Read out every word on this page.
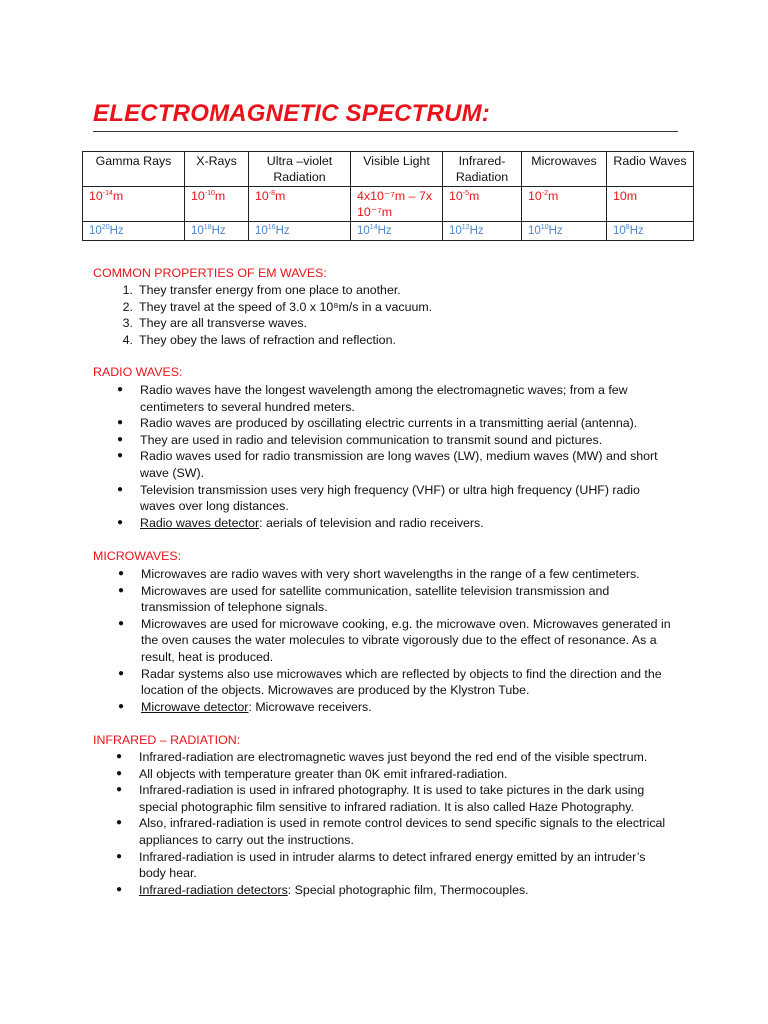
ELECTROMAGNETIC SPECTRUM:
Gamma Rays	X-Rays	Ultra –violet Radiation	Visible Light	Infrared-Radiation	Microwaves	Radio Waves
$10^{-14}m$	$10^{-10}m$	$10^{-8}m$	4x10⁻⁷m – 7x 10⁻⁷m	$10^{-5}m$	$10^{-2}m$	10m
$10^{20}Hz$	$10^{18}Hz$	$10^{16}Hz$	$10^{14}Hz$	$10^{12}Hz$	$10^{10}Hz$	$10^8Hz$
COMMON PROPERTIES OF EM WAVES:
1. They transfer energy from one place to another.
2. They travel at the speed of 3.0 x 10⁸m/s in a vacuum.
3. They are all transverse waves.
4. They obey the laws of refraction and reflection.
RADIO WAVES:
● Radio waves have the longest wavelength among the electromagnetic waves; from a few centimeters to several hundred meters.
● Radio waves are produced by oscillating electric currents in a transmitting aerial (antenna).
● They are used in radio and television communication to transmit sound and pictures.
● Radio waves used for radio transmission are long waves (LW), medium waves (MW) and short wave (SW).
● Television transmission uses very high frequency (VHF) or ultra high frequency (UHF) radio waves over long distances.
● Radio waves detector: aerials of television and radio receivers.
MICROWAVES:
● Microwaves are radio waves with very short wavelengths in the range of a few centimeters.
● Microwaves are used for satellite communication, satellite television transmission and transmission of telephone signals.
● Microwaves are used for microwave cooking, e.g. the microwave oven. Microwaves generated in the oven causes the water molecules to vibrate vigorously due to the effect of resonance. As a result, heat is produced.
● Radar systems also use microwaves which are reflected by objects to find the direction and the location of the objects. Microwaves are produced by the Klystron Tube.
● Microwave detector: Microwave receivers.
INFRARED – RADIATION:
● Infrared-radiation are electromagnetic waves just beyond the red end of the visible spectrum.
● All objects with temperature greater than 0K emit infrared-radiation.
● Infrared-radiation is used in infrared photography. It is used to take pictures in the dark using special photographic film sensitive to infrared radiation. It is also called Haze Photography.
● Also, infrared-radiation is used in remote control devices to send specific signals to the electrical appliances to carry out the instructions.
● Infrared-radiation is used in intruder alarms to detect infrared energy emitted by an intruder’s body hear.
● Infrared-radiation detectors: Special photographic film, Thermocouples.
